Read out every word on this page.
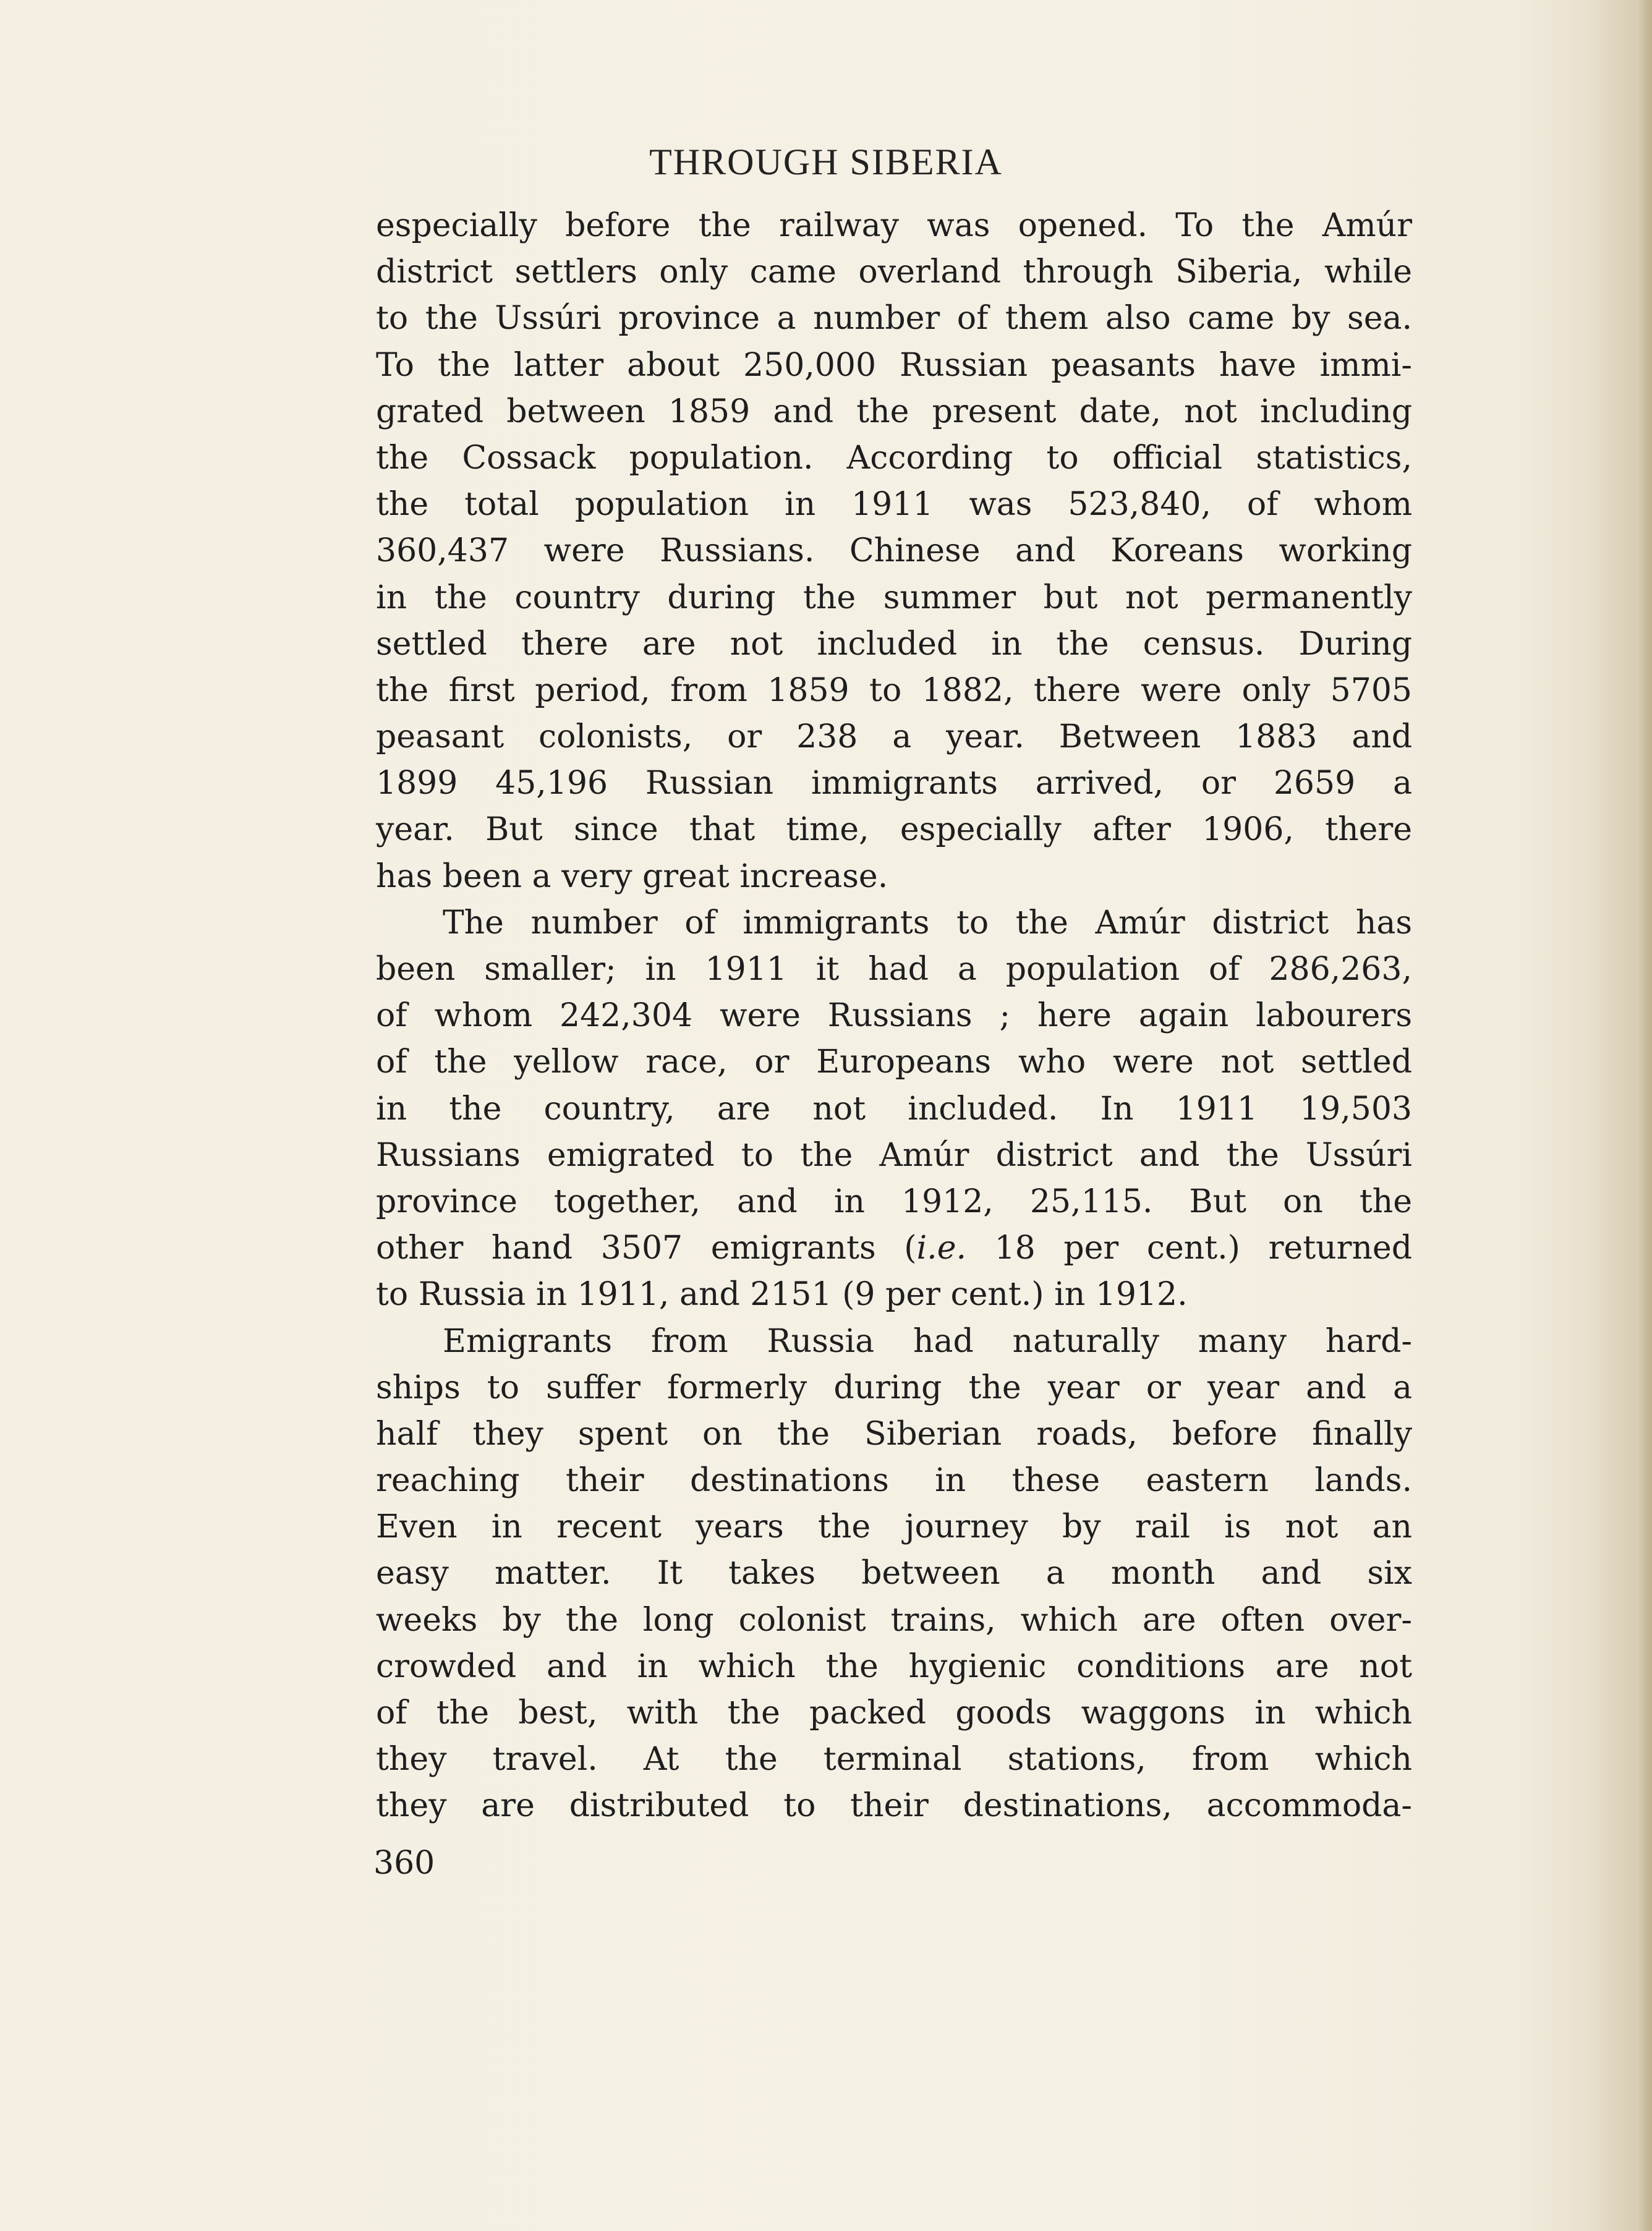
THROUGH SIBERIA
especially before the railway was opened. To the Amúr
district settlers only came overland through Siberia, while
to the Ussúri province a number of them also came by sea.
To the latter about 250,000 Russian peasants have immi-
grated between 1859 and the present date, not including
the Cossack population. According to official statistics,
the total population in 1911 was 523,840, of whom
360,437 were Russians. Chinese and Koreans working
in the country during the summer but not permanently
settled there are not included in the census. During
the first period, from 1859 to 1882, there were only 5705
peasant colonists, or 238 a year. Between 1883 and
1899 45,196 Russian immigrants arrived, or 2659 a
year. But since that time, especially after 1906, there
has been a very great increase.
The number of immigrants to the Amúr district has
been smaller; in 1911 it had a population of 286,263,
of whom 242,304 were Russians ; here again labourers
of the yellow race, or Europeans who were not settled
in the country, are not included. In 1911 19,503
Russians emigrated to the Amúr district and the Ussúri
province together, and in 1912, 25,115. But on the
other hand 3507 emigrants (i.e. 18 per cent.) returned
to Russia in 1911, and 2151 (9 per cent.) in 1912.
Emigrants from Russia had naturally many hard-
ships to suffer formerly during the year or year and a
half they spent on the Siberian roads, before finally
reaching their destinations in these eastern lands.
Even in recent years the journey by rail is not an
easy matter. It takes between a month and six
weeks by the long colonist trains, which are often over-
crowded and in which the hygienic conditions are not
of the best, with the packed goods waggons in which
they travel. At the terminal stations, from which
they are distributed to their destinations, accommoda-
360
